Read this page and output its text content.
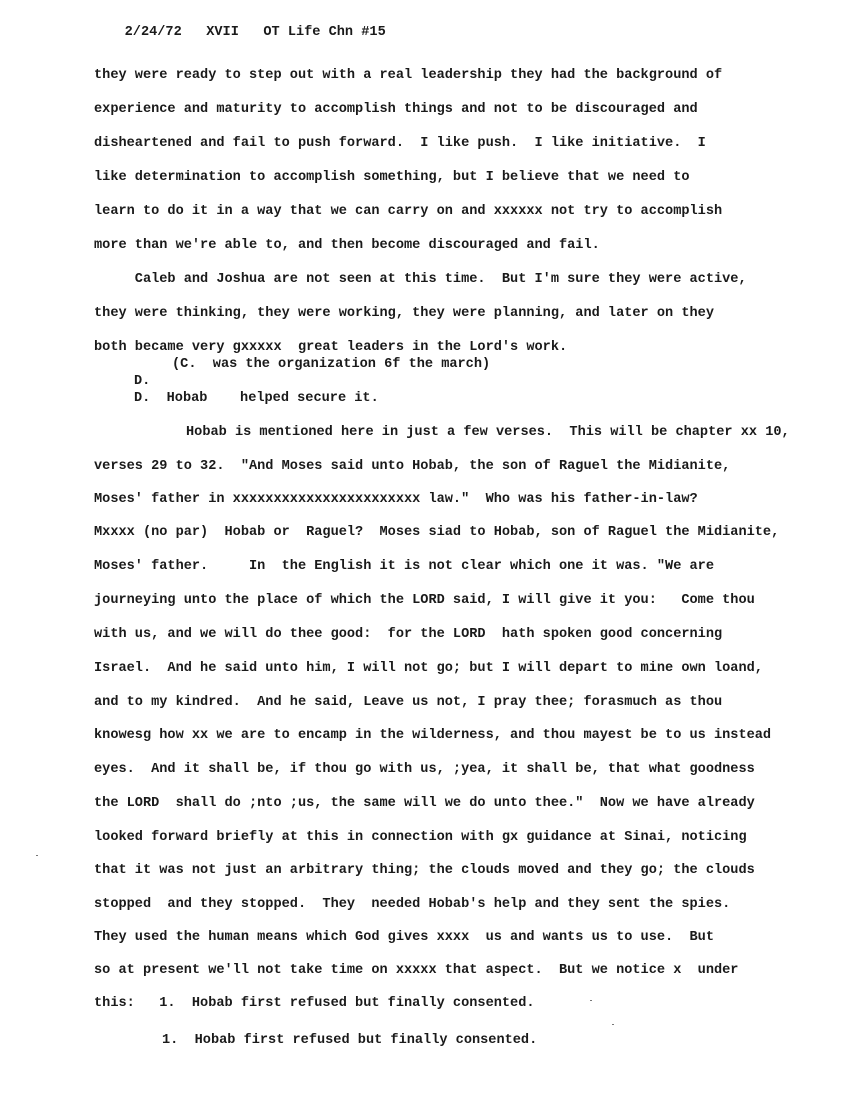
2/24/72 XVII OT Life Chn #15

they were ready to step out with a real leadership they had the background of
experience and maturity to accomplish things and not to be discouraged and
disheartened and fail to push forward.  I like push.  I like initiative.  I
like determination to accomplish something, but I believe that we need to
learn to do it in a way that we can carry on and xxxxxx not try to accomplish
more than we're able to, and then become discouraged and fail.
Caleb and Joshua are not seen at this time.  But I'm sure they were active,
they were thinking, they were working, they were planning, and later on they
both became very gxxxxx  great leaders in the Lord's work.
(C.  was the organization 6f the march)
D.
D.  Hobab    helped secure it.
Hobab is mentioned here in just a few verses.  This will be chapter xx 10,
verses 29 to 32.  "And Moses said unto Hobab, the son of Raguel the Midianite,
Moses' father in xxxxxxxxxxxxxxxxxxxxxxx law."  Who was his father-in-law?
Mxxxx (no par)  Hobab or  Raguel?  Moses siad to Hobab, son of Raguel the Midianite,
Moses' father.     In  the English it is not clear which one it was. "We are
journeying unto the place of which the LORD said, I will give it you:   Come thou
with us, and we will do thee good:  for the LORD  hath spoken good concerning
Israel.  And he said unto him, I will not go; but I will depart to mine own loand,
and to my kindred.  And he said, Leave us not, I pray thee; forasmuch as thou
knowesg how xx we are to encamp in the wilderness, and thou mayest be to us instead
eyes.  And it shall be, if thou go with us, ;yea, it shall be, that what goodness
the LORD  shall do ;nto ;us, the same will we do unto thee."  Now we have already
looked forward briefly at this in connection with gx guidance at Sinai, noticing
that it was not just an arbitrary thing; the clouds moved and they go; the clouds
stopped  and they stopped.  They  needed Hobab's help and they sent the spies.
They used the human means which God gives xxxx  us and wants us to use.  But
so at present we'll not take time on xxxxx that aspect.  But we notice x  under
this:   1.  Hobab first refused but finally consented.
1.  Hobab first refused but finally consented.
